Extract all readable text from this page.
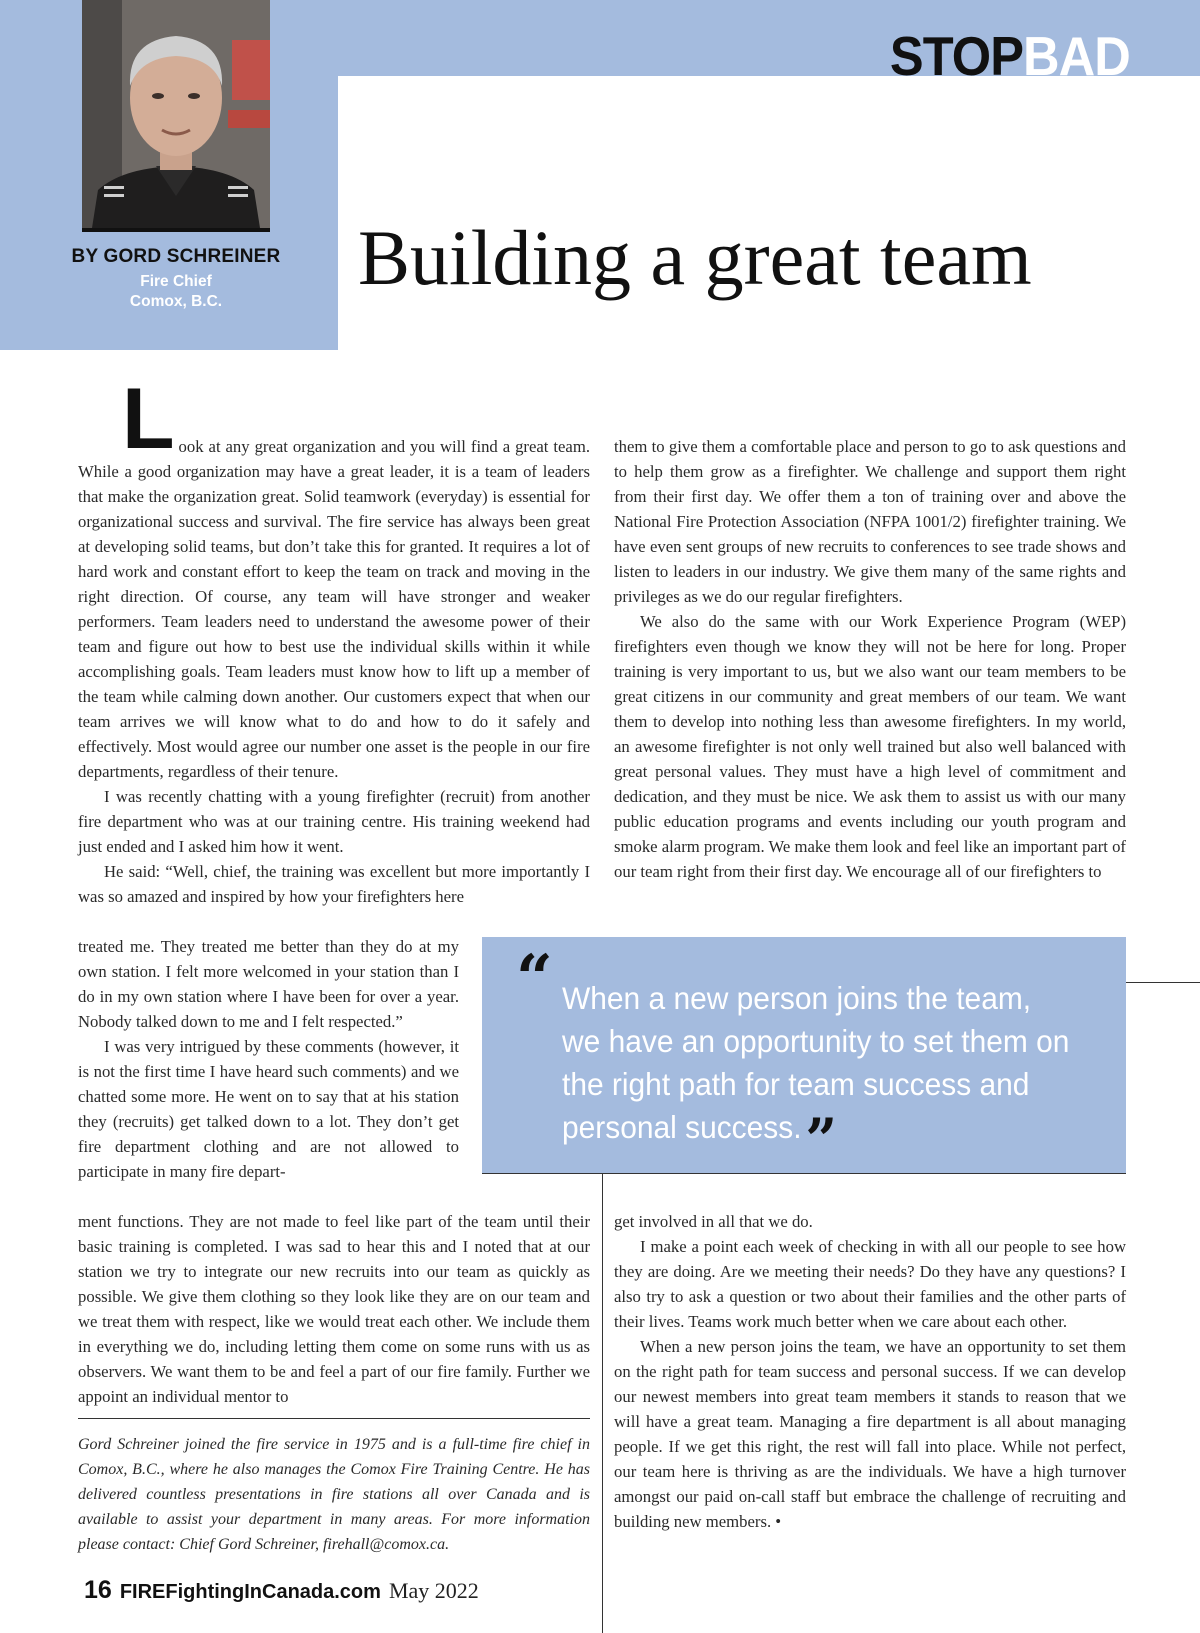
BY GORD SCHREINER
Fire Chief
Comox, B.C.
STOPBAD
Building a great team

L ook at any great organization and you will find a great team. While a good organization may have a great leader, it is a team of leaders that make the organization great. Solid teamwork (everyday) is essential for organizational success and survival. The fire service has always been great at developing solid teams, but don’t take this for granted. It requires a lot of hard work and constant effort to keep the team on track and moving in the right direction. Of course, any team will have stronger and weaker performers. Team leaders need to understand the awesome power of their team and figure out how to best use the individual skills within it while accomplishing goals. Team leaders must know how to lift up a member of the team while calming down another. Our customers expect that when our team arrives we will know what to do and how to do it safely and effectively. Most would agree our number one asset is the people in our fire departments, regardless of their tenure.

I was recently chatting with a young firefighter (recruit) from another fire department who was at our training centre. His training weekend had just ended and I asked him how it went.

He said: “Well, chief, the training was excellent but more importantly I was so amazed and inspired by how your firefighters here

treated me. They treated me better than they do at my own station. I felt more welcomed in your station than I do in my own station where I have been for over a year. Nobody talked down to me and I felt respected.”

I was very intrigued by these comments (however, it is not the first time I have heard such comments) and we chatted some more. He went on to say that at his station they (recruits) get talked down to a lot. They don’t get fire department clothing and are not allowed to participate in many fire depart-

ment functions. They are not made to feel like part of the team until their basic training is completed. I was sad to hear this and I noted that at our station we try to integrate our new recruits into our team as quickly as possible. We give them clothing so they look like they are on our team and we treat them with respect, like we would treat each other. We include them in everything we do, including letting them come on some runs with us as observers. We want them to be and feel a part of our fire family. Further we appoint an individual mentor to

them to give them a comfortable place and person to go to ask questions and to help them grow as a firefighter. We challenge and support them right from their first day. We offer them a ton of training over and above the National Fire Protection Association (NFPA 1001/2) firefighter training. We have even sent groups of new recruits to conferences to see trade shows and listen to leaders in our industry. We give them many of the same rights and privileges as we do our regular firefighters.

We also do the same with our Work Experience Program (WEP) firefighters even though we know they will not be here for long. Proper training is very important to us, but we also want our team members to be great citizens in our community and great members of our team. We want them to develop into nothing less than awesome firefighters. In my world, an awesome firefighter is not only well trained but also well balanced with great personal values. They must have a high level of commitment and dedication, and they must be nice. We ask them to assist us with our many public education programs and events including our youth program and smoke alarm program. We make them look and feel like an important part of our team right from their first day. We encourage all of our firefighters to

“ When a new person joins the team, we have an opportunity to set them on the right path for team success and personal success.”

get involved in all that we do.

I make a point each week of checking in with all our people to see how they are doing. Are we meeting their needs? Do they have any questions? I also try to ask a question or two about their families and the other parts of their lives. Teams work much better when we care about each other.

When a new person joins the team, we have an opportunity to set them on the right path for team success and personal success. If we can develop our newest members into great team members it stands to reason that we will have a great team. Managing a fire department is all about managing people. If we get this right, the rest will fall into place. While not perfect, our team here is thriving as are the individuals. We have a high turnover amongst our paid on-call staff but embrace the challenge of recruiting and building new members. •

Gord Schreiner joined the fire service in 1975 and is a full-time fire chief in Comox, B.C., where he also manages the Comox Fire Training Centre. He has delivered countless presentations in fire stations all over Canada and is available to assist your department in many areas. For more information please contact: Chief Gord Schreiner, firehall@comox.ca.

16 FIREFightingInCanada.com May 2022
